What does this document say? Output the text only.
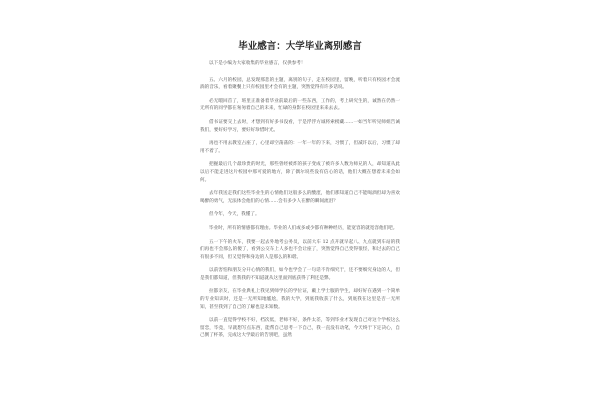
毕业感言：大学毕业离别感言

以下是小编为大家收集的毕业感言，仅供参考！

五、六月的校园，总发现那悲的主题，离别的句子，走在校园里，留晚，听着只有校园才会流淌的音乐，看着聚餐上只有校园里才会有的主题，突然觉得有许多话说。

必无暇回首了，班里正准备着毕业前最后的一些东西，工作的，考上研究生的，诚然在仍然一无所有的同学都在匆匆着自己的未来，忙碌的身影在校园里来来去去。

借书证要交上去时，才想到有好多书没看，于是浮浮方诚将索榜藏……一如当年听见师姐告诫我们，要好好学习，要好好珍惜时光。

再也不用去教室占座了，心里却空荡荡的：一年一年的下来，习惯了，但减许以后，习惯了却用不着了。

把握最后几个最珍贵的时光，那些曾经被炸的孩子变成了被许多人数为师兄的人，却知道从此以后不能走进这片校园中那可爱的地方，除了偶尔说些没有信心的话，他们大概在想着未来会如何。

去年我送走我们这些毕业生的心情他们这般多么的酸涩，他们那知道自己不能喝酒但却为喜欢喝醉的勇气，无法体会他们的心情……会有多少人在醉的瞬间流泪？

但今年，今天，我懂了。

毕业时，所有的情感都有理由。毕业的人们或多或少都有种种经历，能宽容的就宽容他们吧。

五一下午的火车，我要一起去外地考公务员，以前大车 12 点开就早起八、九点就到车站的我们再也不会那么的傻了，看到公交车上人多也不会让座了，突然觉得自己变得很怪，和过去的自己有很多不同，但又觉得和身边的人是那么的和谐。

以前害怕和朋友分开心情的我们，如今也学会了一句话不肯细究于，还不要细究身边的人，但是我们都知道，但我我的不知道就从这里面到底获得了利还是弊。

拉都亲友，在毕业典礼上我见到师学长的学位证，戴上学士服的学生，却好好在遇到一个简单的专业知识时，还是一无所知地尴尬，我的大学，到底我收获了什么，到底我在这里是否一无所知，甚至我到了自己的了解也是未知数。

以前一直觉得学校不好，档次低，老师不好，条件太差，等到毕业才发现自己对这个学校这么留恋，毕竟，早就想写点东西，能帮自己思考一下自己，我一直没有动笔，今天终于下定决心，自己倒了杯茶，完成这大学最后的告别吧，虽然
